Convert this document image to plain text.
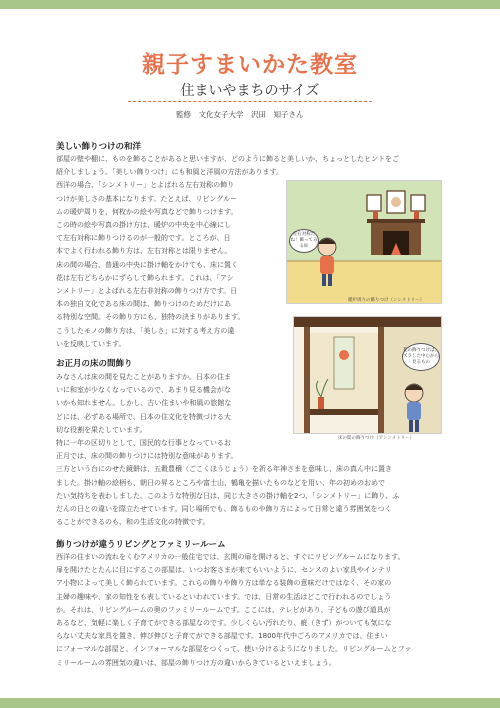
親子すまいかた教室
住まいやまちのサイズ
監修　文化女子大学　沢田　知子さん
美しい飾りつけの和洋
部屋の壁や棚に、ものを飾ることがあると思いますが、どのように飾ると美しいか、ちょっとしたヒントをご
紹介しましょう。「美しい飾りつけ」にも和風と洋風の方法があります。
西洋の場合、「シンメトリー」とよばれる左右対称の飾り
つけが美しさの基本になります。たとえば、リビングルー
ムの暖炉周りを、何枚かの絵や写真などで飾りつけます。
この時の絵や写真の掛け方は、暖炉の中央を中心線にし
て左右対称に飾りつけるのが一般的です。ところが、日
本でよく行われる飾り方は、左右対称とは限りません。
床の間の場合、普通の中央に掛け軸をかけても、床に置く
花は左右どちらかにずらして飾られます。これは、「アシ
ンメトリー」とよばれる左右非対称の飾りつけ方です。日
本の独自文化である床の間は、飾りつけのためだけにあ
る特別な空間。その飾り方にも、独特の決まりがあります。
こうしたモノの飾り方は、「美しさ」に対する考え方の違
いを反映しています。
お正月の床の間飾り
みなさんは床の間を見たことがありますか。日本の住ま
いに和室が少なくなっているので、あまり見る機会がな
いかも知れません。しかし、古い住まいや和風の旅館な
どには、必ずある場所で、日本の住文化を特徴づける大
切な役割を果たしています。
特に一年の区切りとして、国民的な行事となっているお
正月では、床の間の飾りつけには特別な意味があります。
三方という台にのせた鏡餅は、五穀豊穣（ごこくほうじょう）を祈る年神さまを意味し、床の真ん中に置き
ました。掛け軸の絵柄も、朝日の昇るところや富士山、鶴亀を描いたものなどを用い、年の初めのおめで
たい気持ちを表わしました。このような特別な日は、同じ大きさの掛け軸を2つ、「シンメトリー」に飾り、ふ
だんの日との違いを際立たせています。同じ場所でも、飾るものや飾り方によって日常と違う雰囲気をつく
ることができるのも、和の生活文化の特徴です。
飾りつけが違うリビングとファミリールーム
西洋の住まいの流れをくむアメリカの一般住宅では、玄関の扉を開けると、すぐにリビングルームになります。
扉を開けたとたんに目にするこの部屋は、いつお客さまが来てもいいように、センスのよい家具やインテリ
ア小物によって美しく飾られています。これらの飾りや飾り方は単なる装飾の意味だけではなく、その家の
主婦の趣味や、家の知性をも表しているといわれています。では、日常の生活はどこで行われるのでしょう
か。それは、リビングルームの奥のファミリールームです。ここには、テレビがあり、子どもの遊び道具が
あるなど、気軽に楽しく子育てができる部屋なのです。少しくらい汚れたり、疵（きず）がついても気にな
らない丈夫な家具を置き、伸び伸びと子育てができる部屋です。1800年代中ごろのアメリカでは、住まい
にフォーマルな部屋と、インフォーマルな部屋をつくって、使い分けるようになりました。リビングルームとファ
ミリールームの雰囲気の違いは、部屋の飾りつけ方の違いからきているといえましょう。
左右対称だね！飾ってみる絵
暖炉周りの飾りつけ（シンメトリー）
花の飾りつけは、ズラした中心から見るもの
床の間の飾りつけ（アシンメトリー）
